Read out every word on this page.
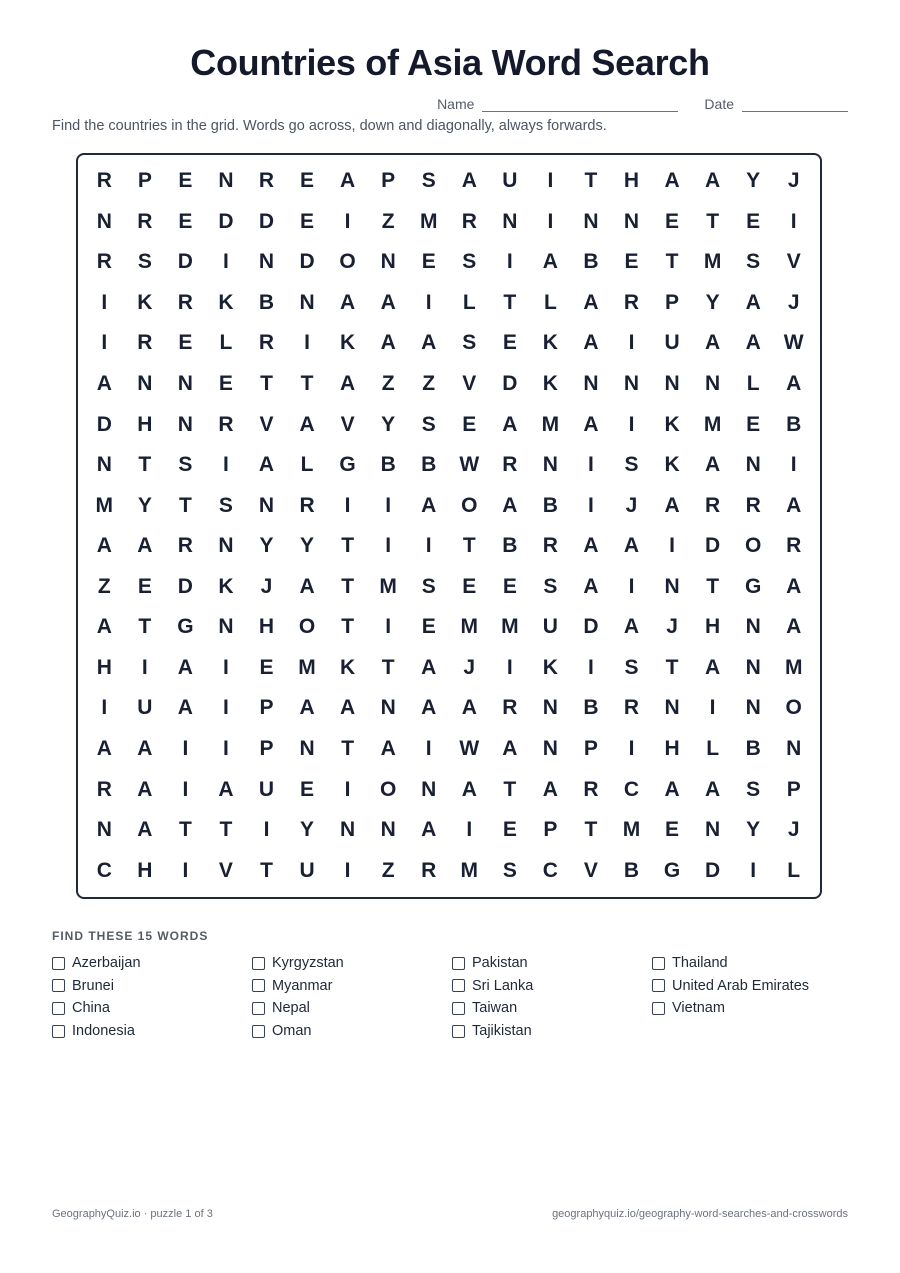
Countries of Asia Word Search
Name	Date
Find the countries in the grid. Words go across, down and diagonally, always forwards.
R	P	E	N	R	E	A	P	S	A	U	I	T	H	A	A	Y	J
N	R	E	D	D	E	I	Z	M	R	N	I	N	N	E	T	E	I
R	S	D	I	N	D	O	N	E	S	I	A	B	E	T	M	S	V
I	K	R	K	B	N	A	A	I	L	T	L	A	R	P	Y	A	J
I	R	E	L	R	I	K	A	A	S	E	K	A	I	U	A	A	W
A	N	N	E	T	T	A	Z	Z	V	D	K	N	N	N	N	L	A
D	H	N	R	V	A	V	Y	S	E	A	M	A	I	K	M	E	B
N	T	S	I	A	L	G	B	B	W	R	N	I	S	K	A	N	I
M	Y	T	S	N	R	I	I	A	O	A	B	I	J	A	R	R	A
A	A	R	N	Y	Y	T	I	I	T	B	R	A	A	I	D	O	R
Z	E	D	K	J	A	T	M	S	E	E	S	A	I	N	T	G	A
A	T	G	N	H	O	T	I	E	M	M	U	D	A	J	H	N	A
H	I	A	I	E	M	K	T	A	J	I	K	I	S	T	A	N	M
I	U	A	I	P	A	A	N	A	A	R	N	B	R	N	I	N	O
A	A	I	I	P	N	T	A	I	W	A	N	P	I	H	L	B	N
R	A	I	A	U	E	I	O	N	A	T	A	R	C	A	A	S	P
N	A	T	T	I	Y	N	N	A	I	E	P	T	M	E	N	Y	J
C	H	I	V	T	U	I	Z	R	M	S	C	V	B	G	D	I	L
FIND THESE 15 WORDS
Azerbaijan
Brunei
China
Indonesia
Kyrgyzstan
Myanmar
Nepal
Oman
Pakistan
Sri Lanka
Taiwan
Tajikistan
Thailand
United Arab Emirates
Vietnam
GeographyQuiz.io · puzzle 1 of 3	geographyquiz.io/geography-word-searches-and-crosswords
